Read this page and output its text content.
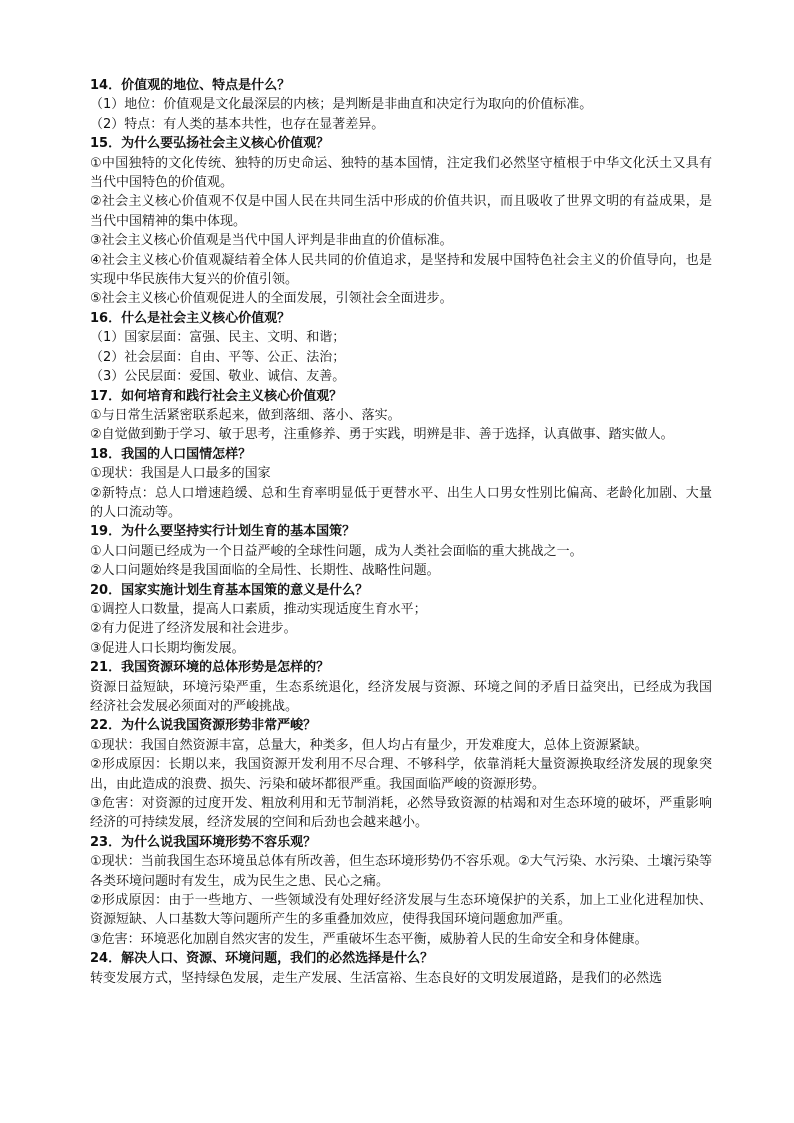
14．价值观的地位、特点是什么？

（1）地位：价值观是文化最深层的内核；是判断是非曲直和决定行为取向的价值标准。

（2）特点：有人类的基本共性，也存在显著差异。

15．为什么要弘扬社会主义核心价值观？

①中国独特的文化传统、独特的历史命运、独特的基本国情，注定我们必然坚守植根于中华文化沃土又具有当代中国特色的价值观。

②社会主义核心价值观不仅是中国人民在共同生活中形成的价值共识，而且吸收了世界文明的有益成果，是当代中国精神的集中体现。

③社会主义核心价值观是当代中国人评判是非曲直的价值标准。

④社会主义核心价值观凝结着全体人民共同的价值追求，是坚持和发展中国特色社会主义的价值导向，也是实现中华民族伟大复兴的价值引领。

⑤社会主义核心价值观促进人的全面发展，引领社会全面进步。

16．什么是社会主义核心价值观？

（1）国家层面：富强、民主、文明、和谐；

（2）社会层面：自由、平等、公正、法治；

（3）公民层面：爱国、敬业、诚信、友善。

17．如何培育和践行社会主义核心价值观？

①与日常生活紧密联系起来，做到落细、落小、落实。

②自觉做到勤于学习、敏于思考，注重修养、勇于实践，明辨是非、善于选择，认真做事、踏实做人。

18．我国的人口国情怎样？

①现状：我国是人口最多的国家

②新特点：总人口增速趋缓、总和生育率明显低于更替水平、出生人口男女性别比偏高、老龄化加剧、大量的人口流动等。

19．为什么要坚持实行计划生育的基本国策？

①人口问题已经成为一个日益严峻的全球性问题，成为人类社会面临的重大挑战之一。

②人口问题始终是我国面临的全局性、长期性、战略性问题。

20．国家实施计划生育基本国策的意义是什么？

①调控人口数量，提高人口素质，推动实现适度生育水平；

②有力促进了经济发展和社会进步。

③促进人口长期均衡发展。

21．我国资源环境的总体形势是怎样的？

资源日益短缺，环境污染严重，生态系统退化，经济发展与资源、环境之间的矛盾日益突出，已经成为我国经济社会发展必须面对的严峻挑战。

22．为什么说我国资源形势非常严峻？

①现状：我国自然资源丰富，总量大，种类多，但人均占有量少，开发难度大，总体上资源紧缺。

②形成原因：长期以来，我国资源开发利用不尽合理、不够科学，依靠消耗大量资源换取经济发展的现象突出，由此造成的浪费、损失、污染和破坏都很严重。我国面临严峻的资源形势。

③危害：对资源的过度开发、粗放利用和无节制消耗，必然导致资源的枯竭和对生态环境的破坏，严重影响经济的可持续发展，经济发展的空间和后劲也会越来越小。

23．为什么说我国环境形势不容乐观？

①现状：当前我国生态环境虽总体有所改善，但生态环境形势仍不容乐观。②大气污染、水污染、土壤污染等各类环境问题时有发生，成为民生之患、民心之痛。

②形成原因：由于一些地方、一些领域没有处理好经济发展与生态环境保护的关系，加上工业化进程加快、资源短缺、人口基数大等问题所产生的多重叠加效应，使得我国环境问题愈加严重。

③危害：环境恶化加剧自然灾害的发生，严重破坏生态平衡，威胁着人民的生命安全和身体健康。

24．解决人口、资源、环境问题，我们的必然选择是什么？

转变发展方式，坚持绿色发展，走生产发展、生活富裕、生态良好的文明发展道路，是我们的必然选
